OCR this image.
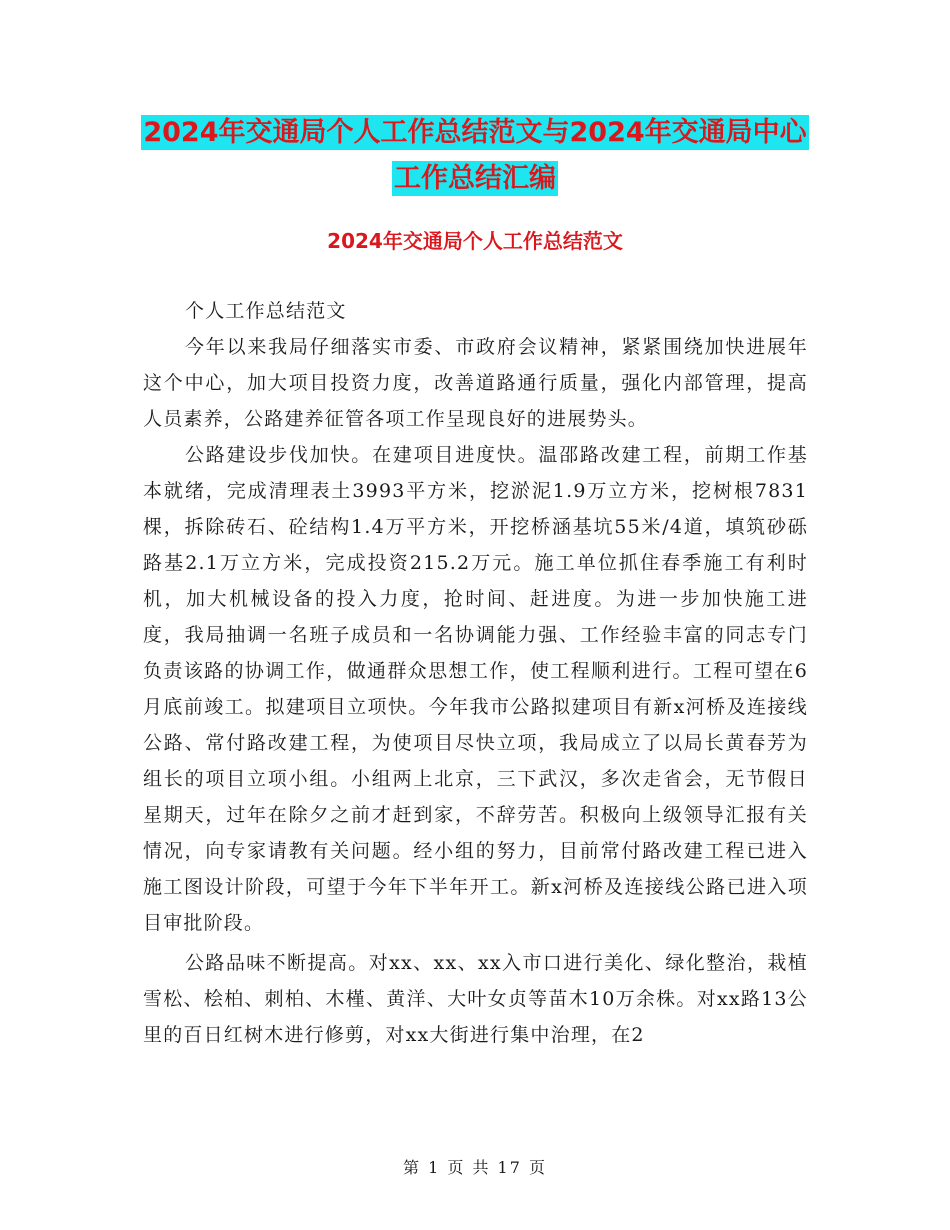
2024年交通局个人工作总结范文与2024年交通局中心
工作总结汇编
2024年交通局个人工作总结范文

个人工作总结范文

今年以来我局仔细落实市委、市政府会议精神，紧紧围绕加快进展年这个中心，加大项目投资力度，改善道路通行质量，强化内部管理，提高人员素养，公路建养征管各项工作呈现良好的进展势头。

公路建设步伐加快。在建项目进度快。温邵路改建工程，前期工作基本就绪，完成清理表土3993平方米，挖淤泥1.9万立方米，挖树根7831棵，拆除砖石、砼结构1.4万平方米，开挖桥涵基坑55米/4道，填筑砂砾路基2.1万立方米，完成投资215.2万元。施工单位抓住春季施工有利时机，加大机械设备的投入力度，抢时间、赶进度。为进一步加快施工进度，我局抽调一名班子成员和一名协调能力强、工作经验丰富的同志专门负责该路的协调工作，做通群众思想工作，使工程顺利进行。工程可望在6月底前竣工。拟建项目立项快。今年我市公路拟建项目有新x河桥及连接线公路、常付路改建工程，为使项目尽快立项，我局成立了以局长黄春芳为组长的项目立项小组。小组两上北京，三下武汉，多次走省会，无节假日星期天，过年在除夕之前才赶到家，不辞劳苦。积极向上级领导汇报有关情况，向专家请教有关问题。经小组的努力，目前常付路改建工程已进入施工图设计阶段，可望于今年下半年开工。新x河桥及连接线公路已进入项目审批阶段。

公路品味不断提高。对xx、xx、xx入市口进行美化、绿化整治，栽植雪松、桧柏、刺柏、木槿、黄洋、大叶女贞等苗木10万余株。对xx路13公里的百日红树木进行修剪，对xx大街进行集中治理，在2

第 1 页 共 17 页
